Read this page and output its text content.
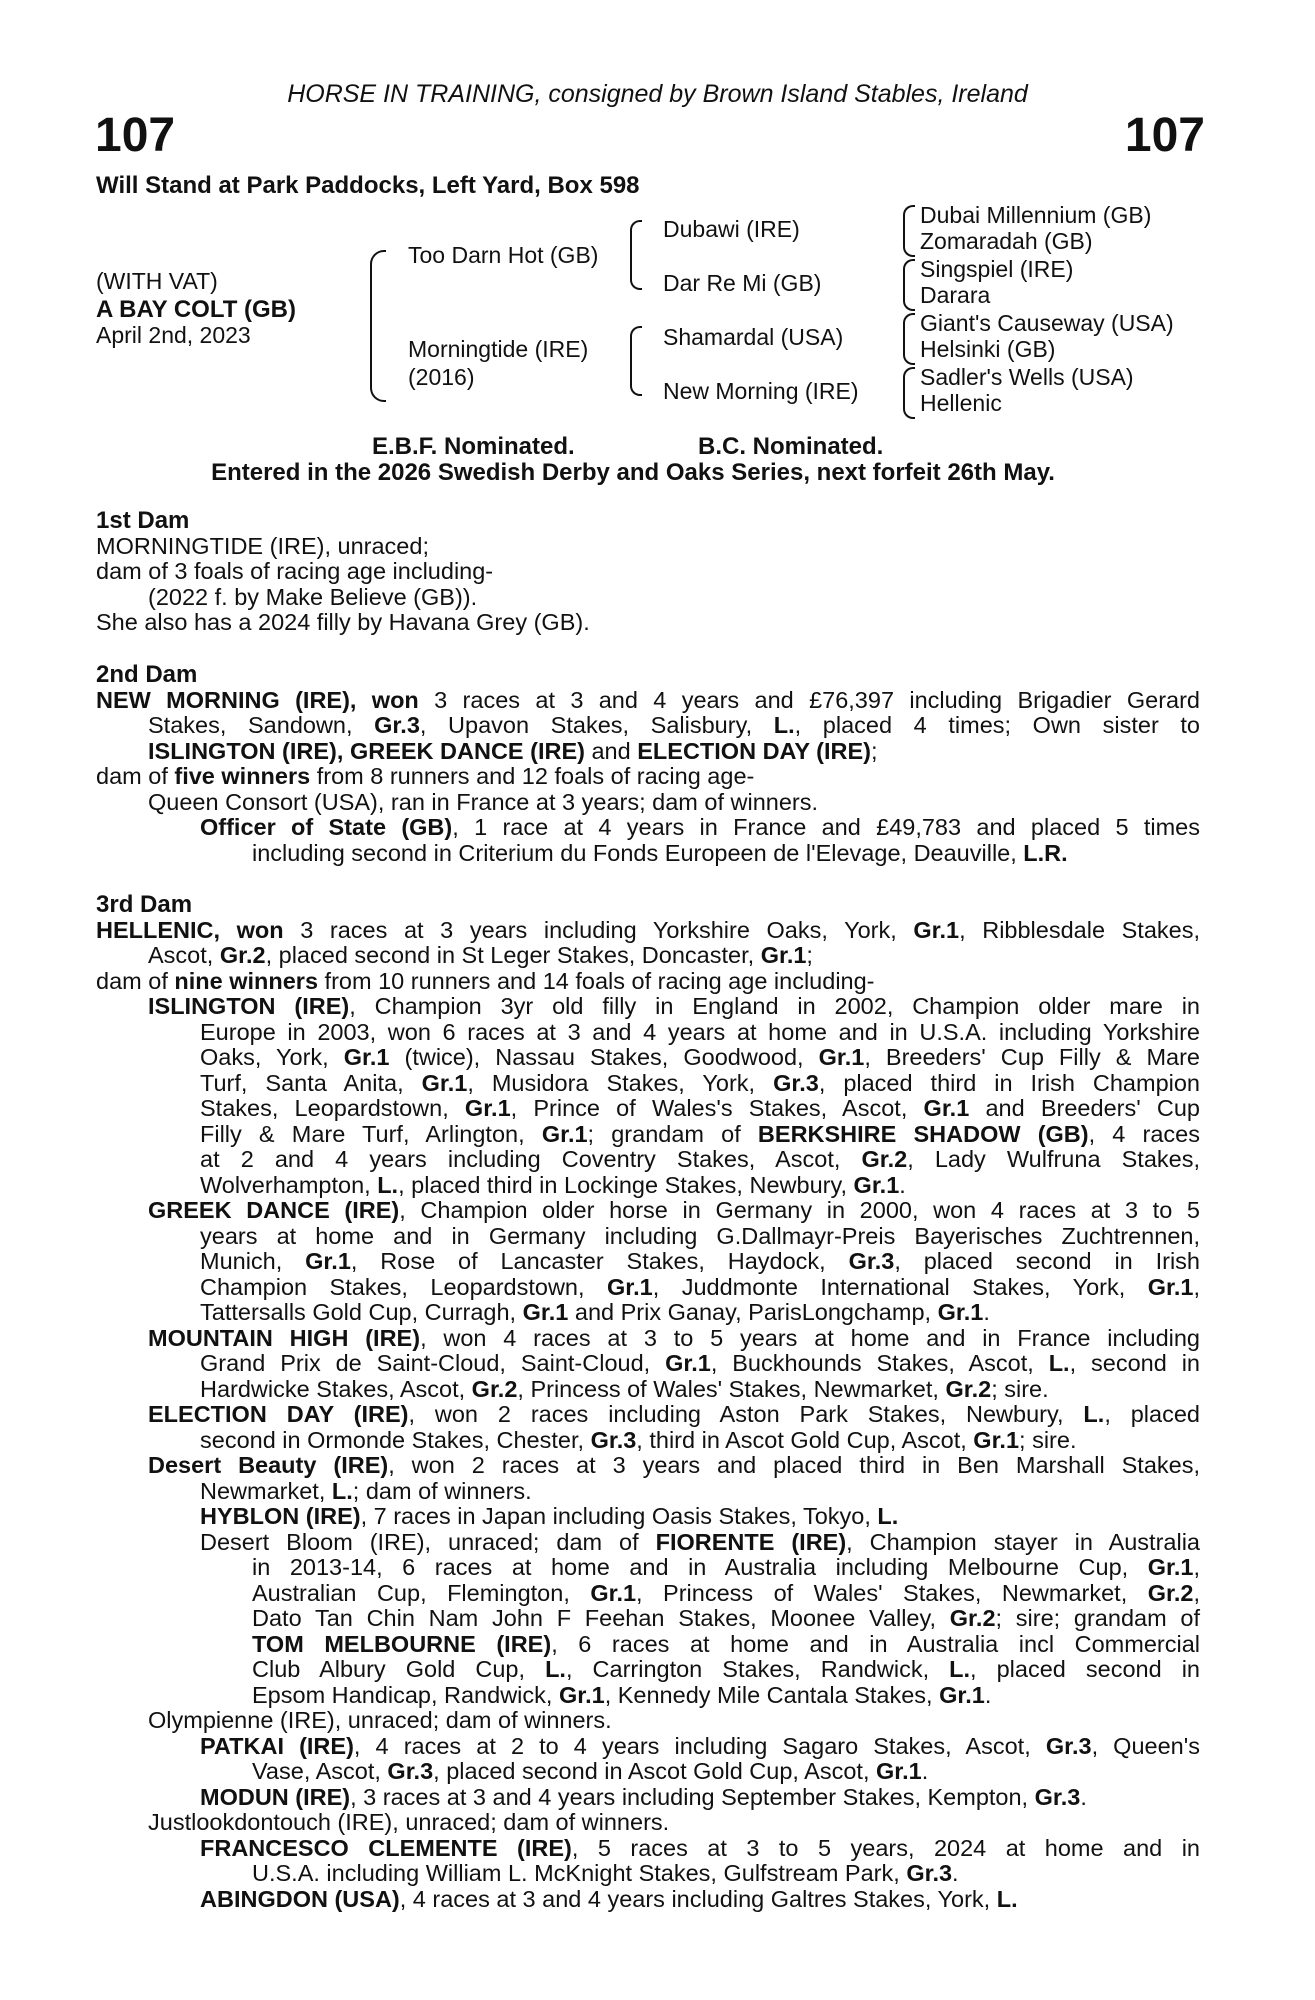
HORSE IN TRAINING, consigned by Brown Island Stables, Ireland
107	107
Will Stand at Park Paddocks, Left Yard, Box 598
(WITH VAT)
A BAY COLT (GB)
April 2nd, 2023
Too Darn Hot (GB)
Morningtide (IRE)
(2016)
Dubawi (IRE)
Dar Re Mi (GB)
Shamardal (USA)
New Morning (IRE)
Dubai Millennium (GB)
Zomaradah (GB)
Singspiel (IRE)
Darara
Giant's Causeway (USA)
Helsinki (GB)
Sadler's Wells (USA)
Hellenic
E.B.F. Nominated.	B.C. Nominated.
Entered in the 2026 Swedish Derby and Oaks Series, next forfeit 26th May.
1st Dam
MORNINGTIDE (IRE), unraced;
dam of 3 foals of racing age including-
(2022 f. by Make Believe (GB)).
She also has a 2024 filly by Havana Grey (GB).
2nd Dam
NEW MORNING (IRE), won 3 races at 3 and 4 years and £76,397 including Brigadier Gerard
Stakes, Sandown, Gr.3, Upavon Stakes, Salisbury, L., placed 4 times; Own sister to
ISLINGTON (IRE), GREEK DANCE (IRE) and ELECTION DAY (IRE);
dam of five winners from 8 runners and 12 foals of racing age-
Queen Consort (USA), ran in France at 3 years; dam of winners.
Officer of State (GB), 1 race at 4 years in France and £49,783 and placed 5 times
including second in Criterium du Fonds Europeen de l'Elevage, Deauville, L.R.
3rd Dam
HELLENIC, won 3 races at 3 years including Yorkshire Oaks, York, Gr.1, Ribblesdale Stakes,
Ascot, Gr.2, placed second in St Leger Stakes, Doncaster, Gr.1;
dam of nine winners from 10 runners and 14 foals of racing age including-
ISLINGTON (IRE), Champion 3yr old filly in England in 2002, Champion older mare in
Europe in 2003, won 6 races at 3 and 4 years at home and in U.S.A. including Yorkshire
Oaks, York, Gr.1 (twice), Nassau Stakes, Goodwood, Gr.1, Breeders' Cup Filly & Mare
Turf, Santa Anita, Gr.1, Musidora Stakes, York, Gr.3, placed third in Irish Champion
Stakes, Leopardstown, Gr.1, Prince of Wales's Stakes, Ascot, Gr.1 and Breeders' Cup
Filly & Mare Turf, Arlington, Gr.1; grandam of BERKSHIRE SHADOW (GB), 4 races
at 2 and 4 years including Coventry Stakes, Ascot, Gr.2, Lady Wulfruna Stakes,
Wolverhampton, L., placed third in Lockinge Stakes, Newbury, Gr.1.
GREEK DANCE (IRE), Champion older horse in Germany in 2000, won 4 races at 3 to 5
years at home and in Germany including G.Dallmayr-Preis Bayerisches Zuchtrennen,
Munich, Gr.1, Rose of Lancaster Stakes, Haydock, Gr.3, placed second in Irish
Champion Stakes, Leopardstown, Gr.1, Juddmonte International Stakes, York, Gr.1,
Tattersalls Gold Cup, Curragh, Gr.1 and Prix Ganay, ParisLongchamp, Gr.1.
MOUNTAIN HIGH (IRE), won 4 races at 3 to 5 years at home and in France including
Grand Prix de Saint-Cloud, Saint-Cloud, Gr.1, Buckhounds Stakes, Ascot, L., second in
Hardwicke Stakes, Ascot, Gr.2, Princess of Wales' Stakes, Newmarket, Gr.2; sire.
ELECTION DAY (IRE), won 2 races including Aston Park Stakes, Newbury, L., placed
second in Ormonde Stakes, Chester, Gr.3, third in Ascot Gold Cup, Ascot, Gr.1; sire.
Desert Beauty (IRE), won 2 races at 3 years and placed third in Ben Marshall Stakes,
Newmarket, L.; dam of winners.
HYBLON (IRE), 7 races in Japan including Oasis Stakes, Tokyo, L.
Desert Bloom (IRE), unraced; dam of FIORENTE (IRE), Champion stayer in Australia
in 2013-14, 6 races at home and in Australia including Melbourne Cup, Gr.1,
Australian Cup, Flemington, Gr.1, Princess of Wales' Stakes, Newmarket, Gr.2,
Dato Tan Chin Nam John F Feehan Stakes, Moonee Valley, Gr.2; sire; grandam of
TOM MELBOURNE (IRE), 6 races at home and in Australia incl Commercial
Club Albury Gold Cup, L., Carrington Stakes, Randwick, L., placed second in
Epsom Handicap, Randwick, Gr.1, Kennedy Mile Cantala Stakes, Gr.1.
Olympienne (IRE), unraced; dam of winners.
PATKAI (IRE), 4 races at 2 to 4 years including Sagaro Stakes, Ascot, Gr.3, Queen's
Vase, Ascot, Gr.3, placed second in Ascot Gold Cup, Ascot, Gr.1.
MODUN (IRE), 3 races at 3 and 4 years including September Stakes, Kempton, Gr.3.
Justlookdontouch (IRE), unraced; dam of winners.
FRANCESCO CLEMENTE (IRE), 5 races at 3 to 5 years, 2024 at home and in
U.S.A. including William L. McKnight Stakes, Gulfstream Park, Gr.3.
ABINGDON (USA), 4 races at 3 and 4 years including Galtres Stakes, York, L.
